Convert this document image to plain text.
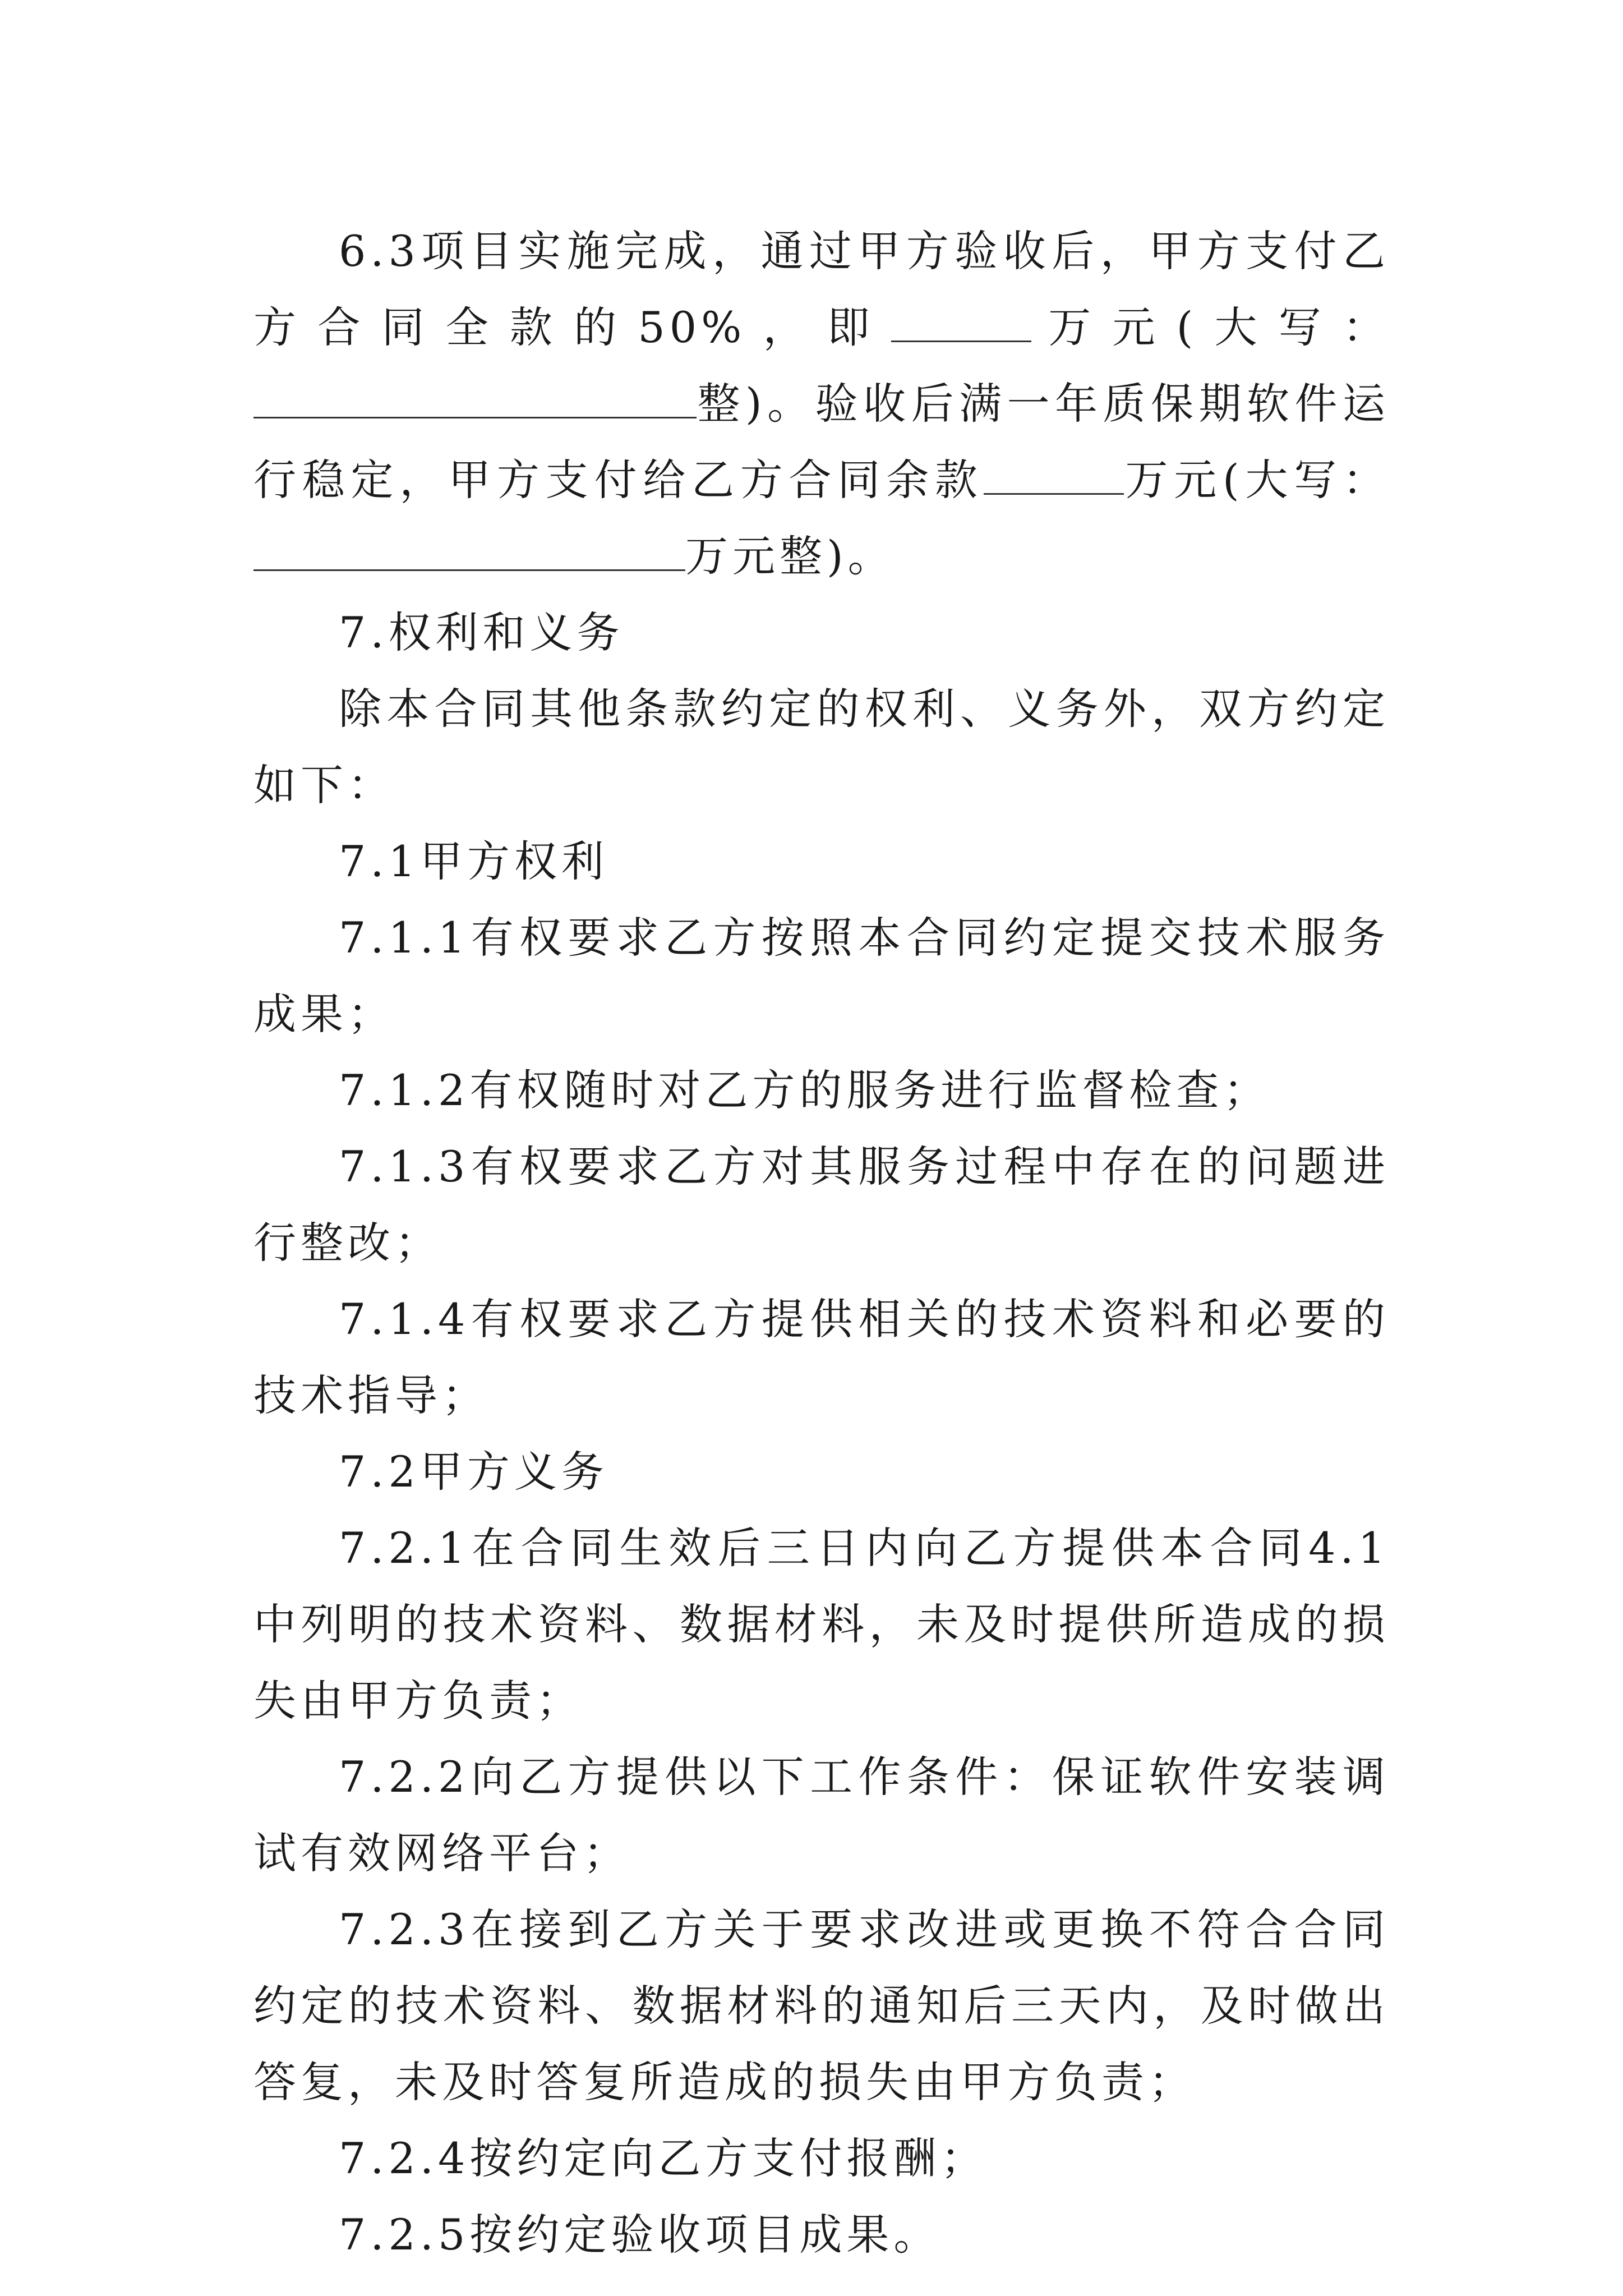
6.3项目实施完成，通过甲方验收后，甲方支付乙方合同全款的50%，即	万元(大写：整)。验收后满一年质保期软件运行稳定，甲方支付给乙方合同余款	万元(大写：万元整)。

7.权利和义务

除本合同其他条款约定的权利、义务外，双方约定如下：

7.1甲方权利

7.1.1有权要求乙方按照本合同约定提交技术服务成果；

7.1.2有权随时对乙方的服务进行监督检查；

7.1.3有权要求乙方对其服务过程中存在的问题进行整改；

7.1.4有权要求乙方提供相关的技术资料和必要的技术指导；

7.2甲方义务

7.2.1在合同生效后三日内向乙方提供本合同4.1中列明的技术资料、数据材料，未及时提供所造成的损失由甲方负责；

7.2.2向乙方提供以下工作条件：保证软件安装调试有效网络平台；

7.2.3在接到乙方关于要求改进或更换不符合合同约定的技术资料、数据材料的通知后三天内，及时做出答复，未及时答复所造成的损失由甲方负责；

7.2.4按约定向乙方支付报酬；

7.2.5按约定验收项目成果。
